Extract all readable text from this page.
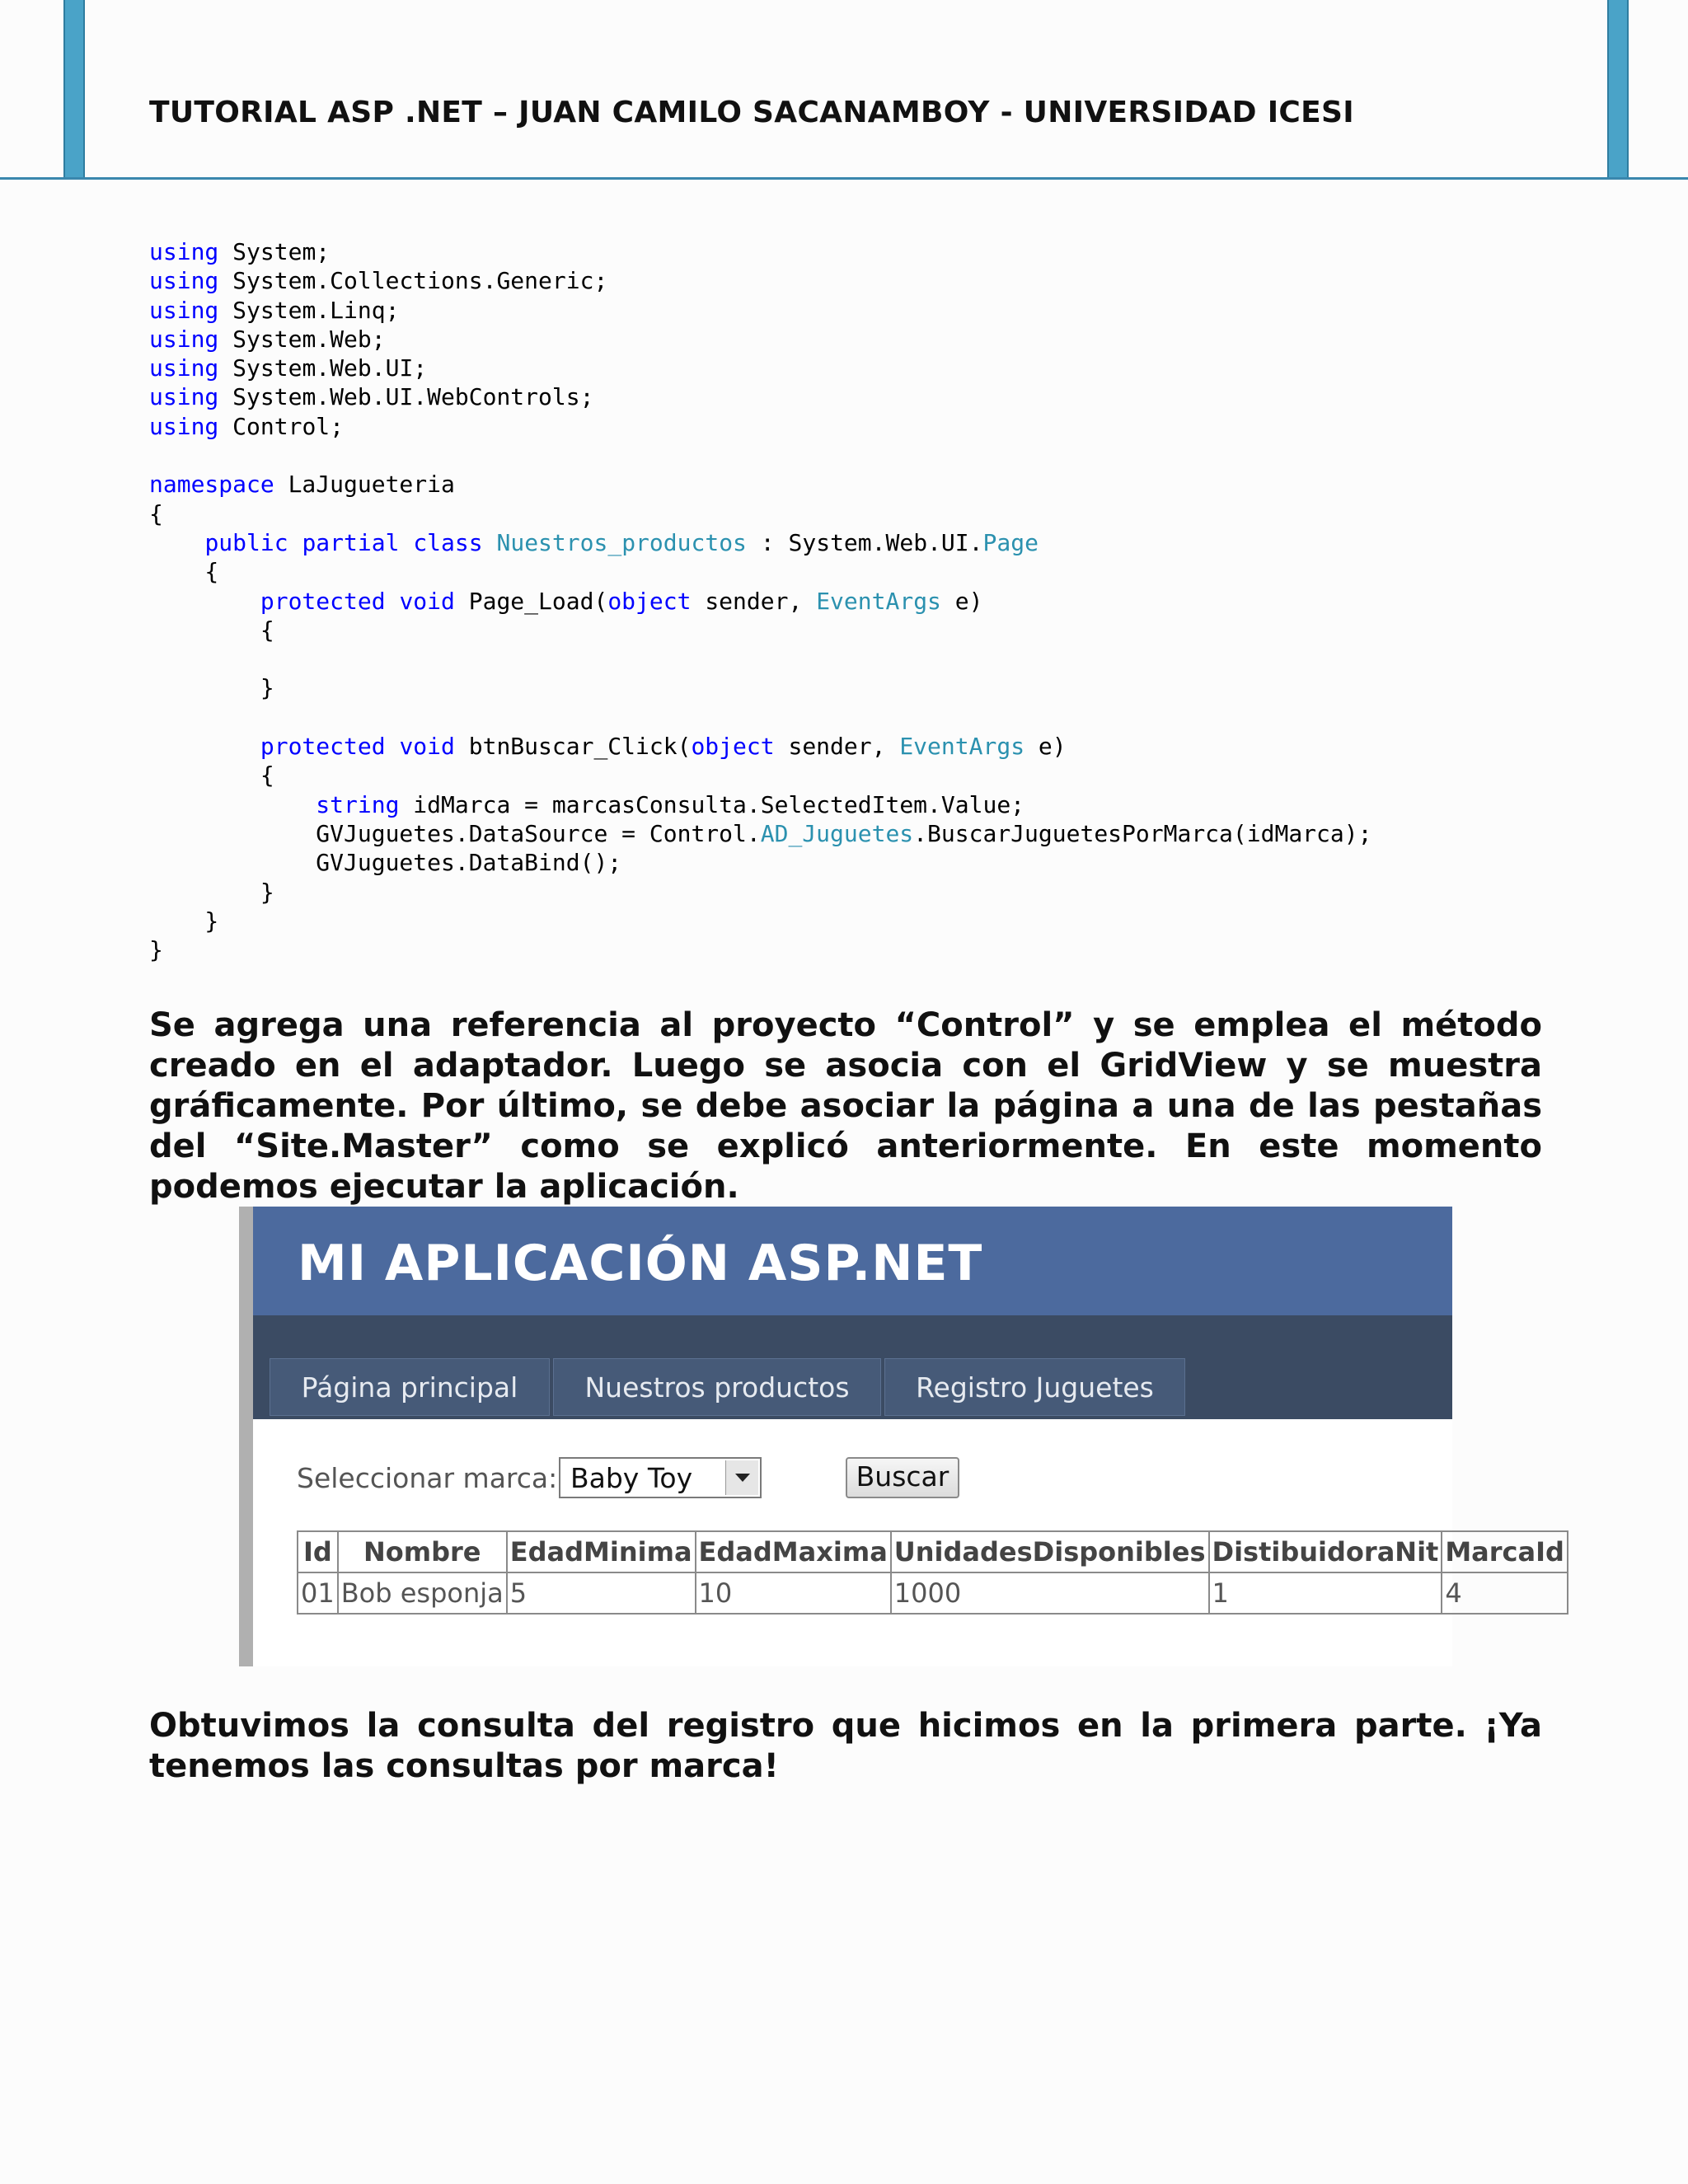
TUTORIAL ASP .NET – JUAN CAMILO SACANAMBOY - UNIVERSIDAD ICESI
using System;
using System.Collections.Generic;
using System.Linq;
using System.Web;
using System.Web.UI;
using System.Web.UI.WebControls;
using Control;
namespace LaJugueteria
{
public partial class Nuestros_productos : System.Web.UI.Page
{
protected void Page_Load(object sender, EventArgs e)
{
}
protected void btnBuscar_Click(object sender, EventArgs e)
{
string idMarca = marcasConsulta.SelectedItem.Value;
GVJuguetes.DataSource = Control.AD_Juguetes.BuscarJuguetesPorMarca(idMarca);
GVJuguetes.DataBind();
}
}
}

Se agrega una referencia al proyecto “Control” y se emplea el método creado en el adaptador. Luego se asocia con el GridView y se muestra gráficamente. Por último, se debe asociar la página a una de las pestañas del “Site.Master” como se explicó anteriormente. En este momento podemos ejecutar la aplicación.

MI APLICACIÓN ASP.NET
Página principal	Nuestros productos	Registro Juguetes
Seleccionar marca: Baby Toy	Buscar
Id	Nombre	EdadMinima	EdadMaxima	UnidadesDisponibles	DistibuidoraNit	MarcaId
01	Bob esponja	5	10	1000	1	4

Obtuvimos la consulta del registro que hicimos en la primera parte. ¡Ya tenemos las consultas por marca!
